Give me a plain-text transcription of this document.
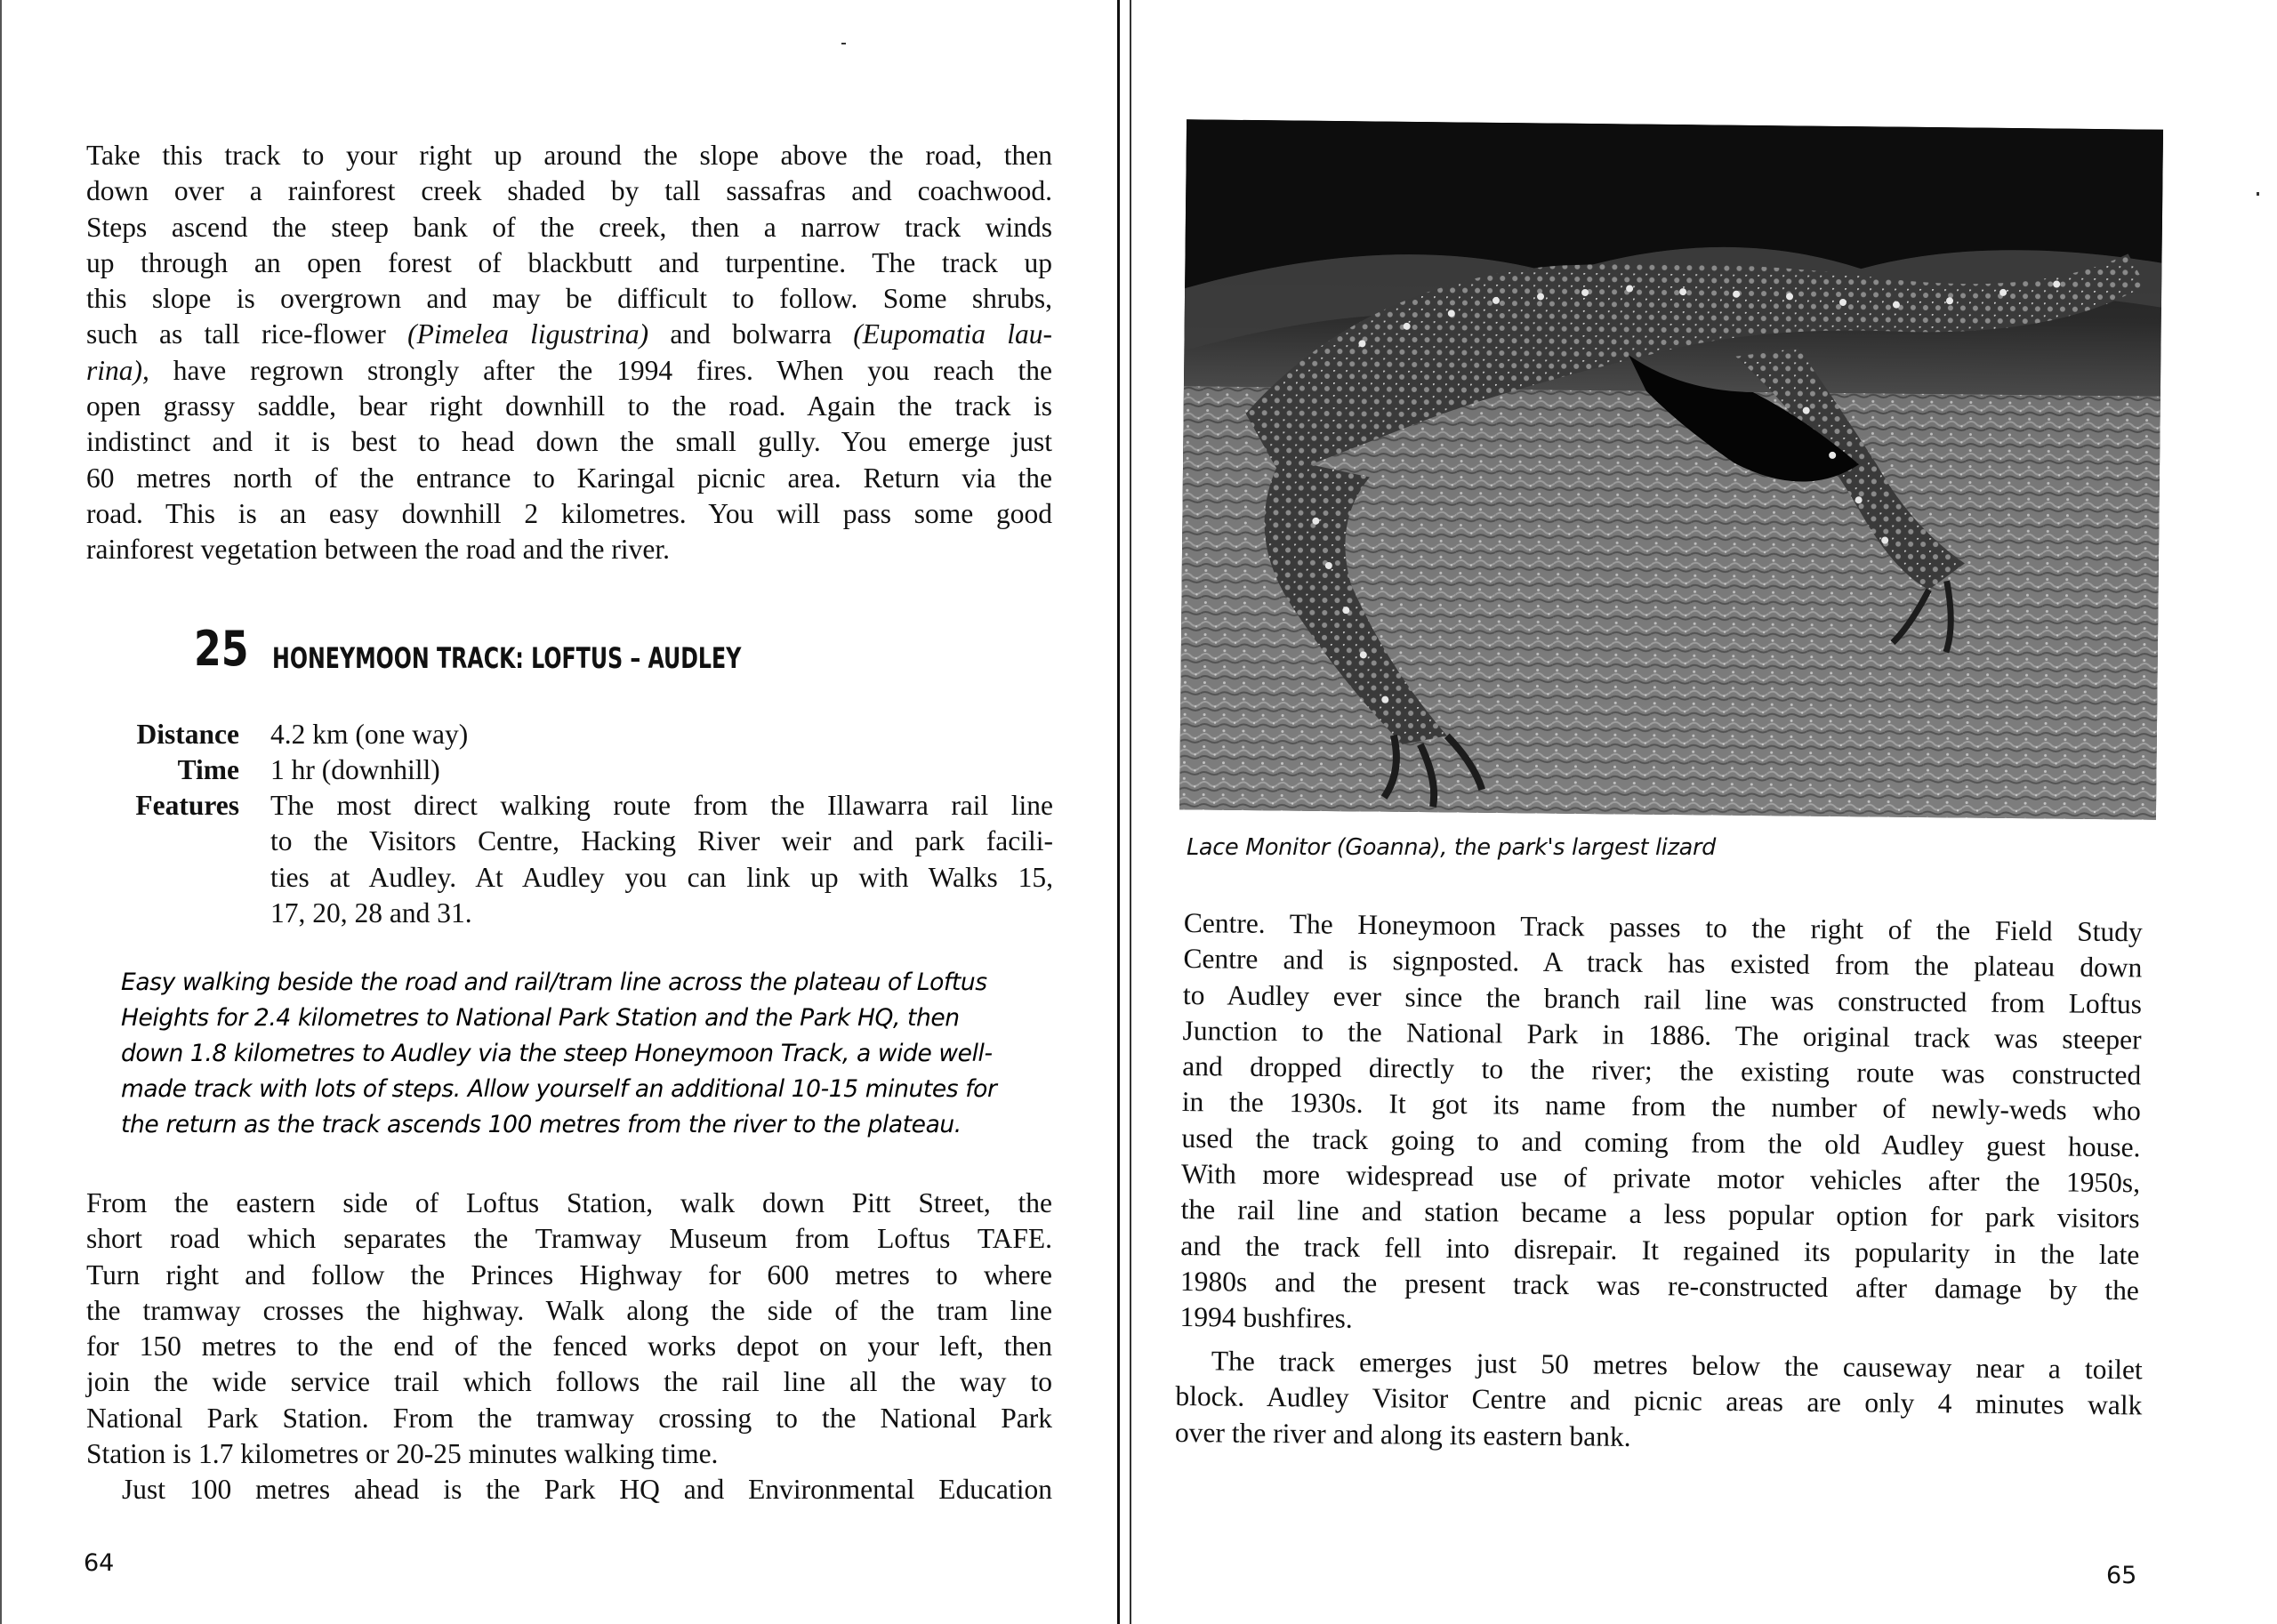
Take this track to your right up around the slope above the road, then
down over a rainforest creek shaded by tall sassafras and coachwood.
Steps ascend the steep bank of the creek, then a narrow track winds
up through an open forest of blackbutt and turpentine. The track up
this slope is overgrown and may be difficult to follow. Some shrubs,
such as tall rice-flower (Pimelea ligustrina) and bolwarra (Eupomatia lau-
rina), have regrown strongly after the 1994 fires. When you reach the
open grassy saddle, bear right downhill to the road. Again the track is
indistinct and it is best to head down the small gully. You emerge just
60 metres north of the entrance to Karingal picnic area. Return via the
road. This is an easy downhill 2 kilometres. You will pass some good
rainforest vegetation between the road and the river.
25 HONEYMOON TRACK: LOFTUS – AUDLEY
Distance 4.2 km (one way)
Time 1 hr (downhill)
Features The most direct walking route from the Illawarra rail line
to the Visitors Centre, Hacking River weir and park facili-
ties at Audley. At Audley you can link up with Walks 15,
17, 20, 28 and 31.
Easy walking beside the road and rail/tram line across the plateau of Loftus
Heights for 2.4 kilometres to National Park Station and the Park HQ, then
down 1.8 kilometres to Audley via the steep Honeymoon Track, a wide well-
made track with lots of steps. Allow yourself an additional 10-15 minutes for
the return as the track ascends 100 metres from the river to the plateau.
From the eastern side of Loftus Station, walk down Pitt Street, the
short road which separates the Tramway Museum from Loftus TAFE.
Turn right and follow the Princes Highway for 600 metres to where
the tramway crosses the highway. Walk along the side of the tram line
for 150 metres to the end of the fenced works depot on your left, then
join the wide service trail which follows the rail line all the way to
National Park Station. From the tramway crossing to the National Park
Station is 1.7 kilometres or 20-25 minutes walking time.
Just 100 metres ahead is the Park HQ and Environmental Education
64
Lace Monitor (Goanna), the park's largest lizard
Centre. The Honeymoon Track passes to the right of the Field Study
Centre and is signposted. A track has existed from the plateau down
to Audley ever since the branch rail line was constructed from Loftus
Junction to the National Park in 1886. The original track was steeper
and dropped directly to the river; the existing route was constructed
in the 1930s. It got its name from the number of newly-weds who
used the track going to and coming from the old Audley guest house.
With more widespread use of private motor vehicles after the 1950s,
the rail line and station became a less popular option for park visitors
and the track fell into disrepair. It regained its popularity in the late
1980s and the present track was re-constructed after damage by the
1994 bushfires.
The track emerges just 50 metres below the causeway near a toilet
block. Audley Visitor Centre and picnic areas are only 4 minutes walk
over the river and along its eastern bank.
65
